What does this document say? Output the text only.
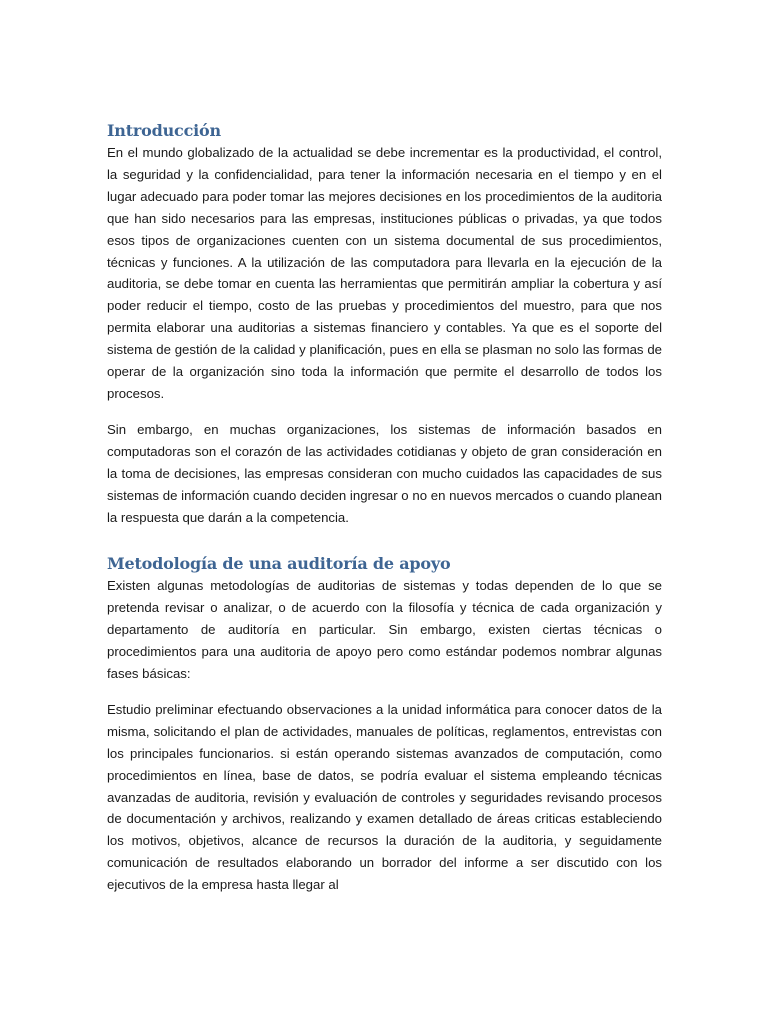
Introducción

En el mundo globalizado de la actualidad se debe incrementar es la productividad, el control, la seguridad y la confidencialidad, para tener la información necesaria en el tiempo y en el lugar adecuado para poder tomar las mejores decisiones en los procedimientos de la auditoria que han sido necesarios para las empresas, instituciones públicas o privadas, ya que todos esos tipos de organizaciones cuenten con un sistema documental de sus procedimientos, técnicas y funciones. A la utilización de las computadora para llevarla en la ejecución de la auditoria, se debe tomar en cuenta las herramientas que permitirán ampliar la cobertura y así poder reducir el tiempo, costo de las pruebas y procedimientos del muestro, para que nos permita elaborar una auditorias a sistemas financiero y contables. Ya que es el soporte del sistema de gestión de la calidad y planificación, pues en ella se plasman no solo las formas de operar de la organización sino toda la información que permite el desarrollo de todos los procesos.

Sin embargo, en muchas organizaciones, los sistemas de información basados en computadoras son el corazón de las actividades cotidianas y objeto de gran consideración en la toma de decisiones, las empresas consideran con mucho cuidados las capacidades de sus sistemas de información cuando deciden ingresar o no en nuevos mercados o cuando planean la respuesta que darán a la competencia.

Metodología de una auditoría de apoyo

Existen algunas metodologías de auditorias de sistemas y todas dependen de lo que se pretenda revisar o analizar, o de acuerdo con la filosofía y técnica de cada organización y departamento de auditoría en particular. Sin embargo, existen ciertas técnicas o procedimientos para una auditoria de apoyo pero como estándar podemos nombrar algunas fases básicas:

Estudio preliminar efectuando observaciones a la unidad informática para conocer datos de la misma, solicitando el plan de actividades, manuales de políticas, reglamentos, entrevistas con los principales funcionarios. si están operando sistemas avanzados de computación, como procedimientos en línea, base de datos, se podría evaluar el sistema empleando técnicas avanzadas de auditoria, revisión y evaluación de controles y seguridades revisando procesos de documentación y archivos, realizando y examen detallado de áreas criticas estableciendo los motivos, objetivos, alcance de recursos la duración de la auditoria, y seguidamente comunicación de resultados elaborando un borrador del informe a ser discutido con los ejecutivos de la empresa hasta llegar al
